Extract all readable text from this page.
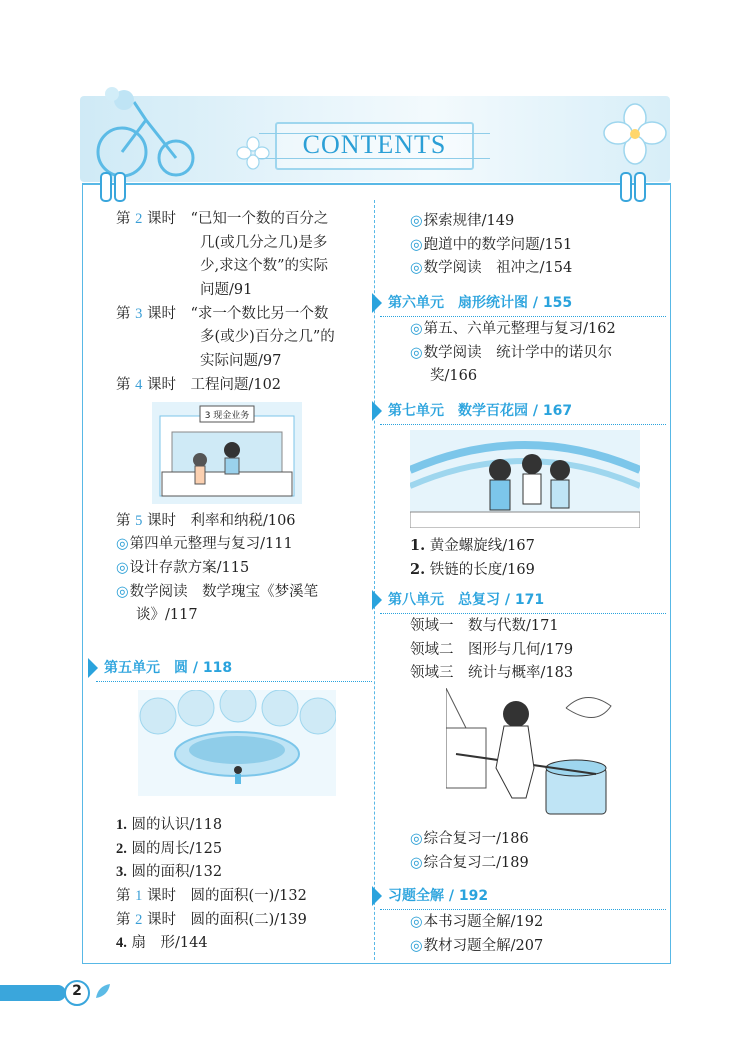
CONTENTS
第 2 课时　 “已知一个数的百分之
几(或几分之几)是多
少,求这个数”的实际
问题/91
第 3 课时　 “求一个数比另一个数
多(或少)百分之几”的
实际问题/97
第 4 课时　 工程问题/102
3 现金业务
第 5 课时　 利率和纳税/106
◎第四单元整理与复习/111
◎设计存款方案/115
◎数学阅读　数学瑰宝《梦溪笔
谈》/117
第五单元　圆 / 118
1. 圆的认识/118
2. 圆的周长/125
3. 圆的面积/132
第 1 课时　 圆的面积(一)/132
第 2 课时　 圆的面积(二)/139
4. 扇　形/144
◎探索规律/149
◎跑道中的数学问题/151
◎数学阅读　祖冲之/154
第六单元　扇形统计图 / 155
◎第五、六单元整理与复习/162
◎数学阅读　统计学中的诺贝尔
奖/166
第七单元　数学百花园 / 167
1. 黄金螺旋线/167
2. 铁链的长度/169
第八单元　总复习 / 171
领域一　数与代数/171
领域二　图形与几何/179
领域三　统计与概率/183
◎综合复习一/186
◎综合复习二/189
习题全解 / 192
◎本书习题全解/192
◎教材习题全解/207
2
